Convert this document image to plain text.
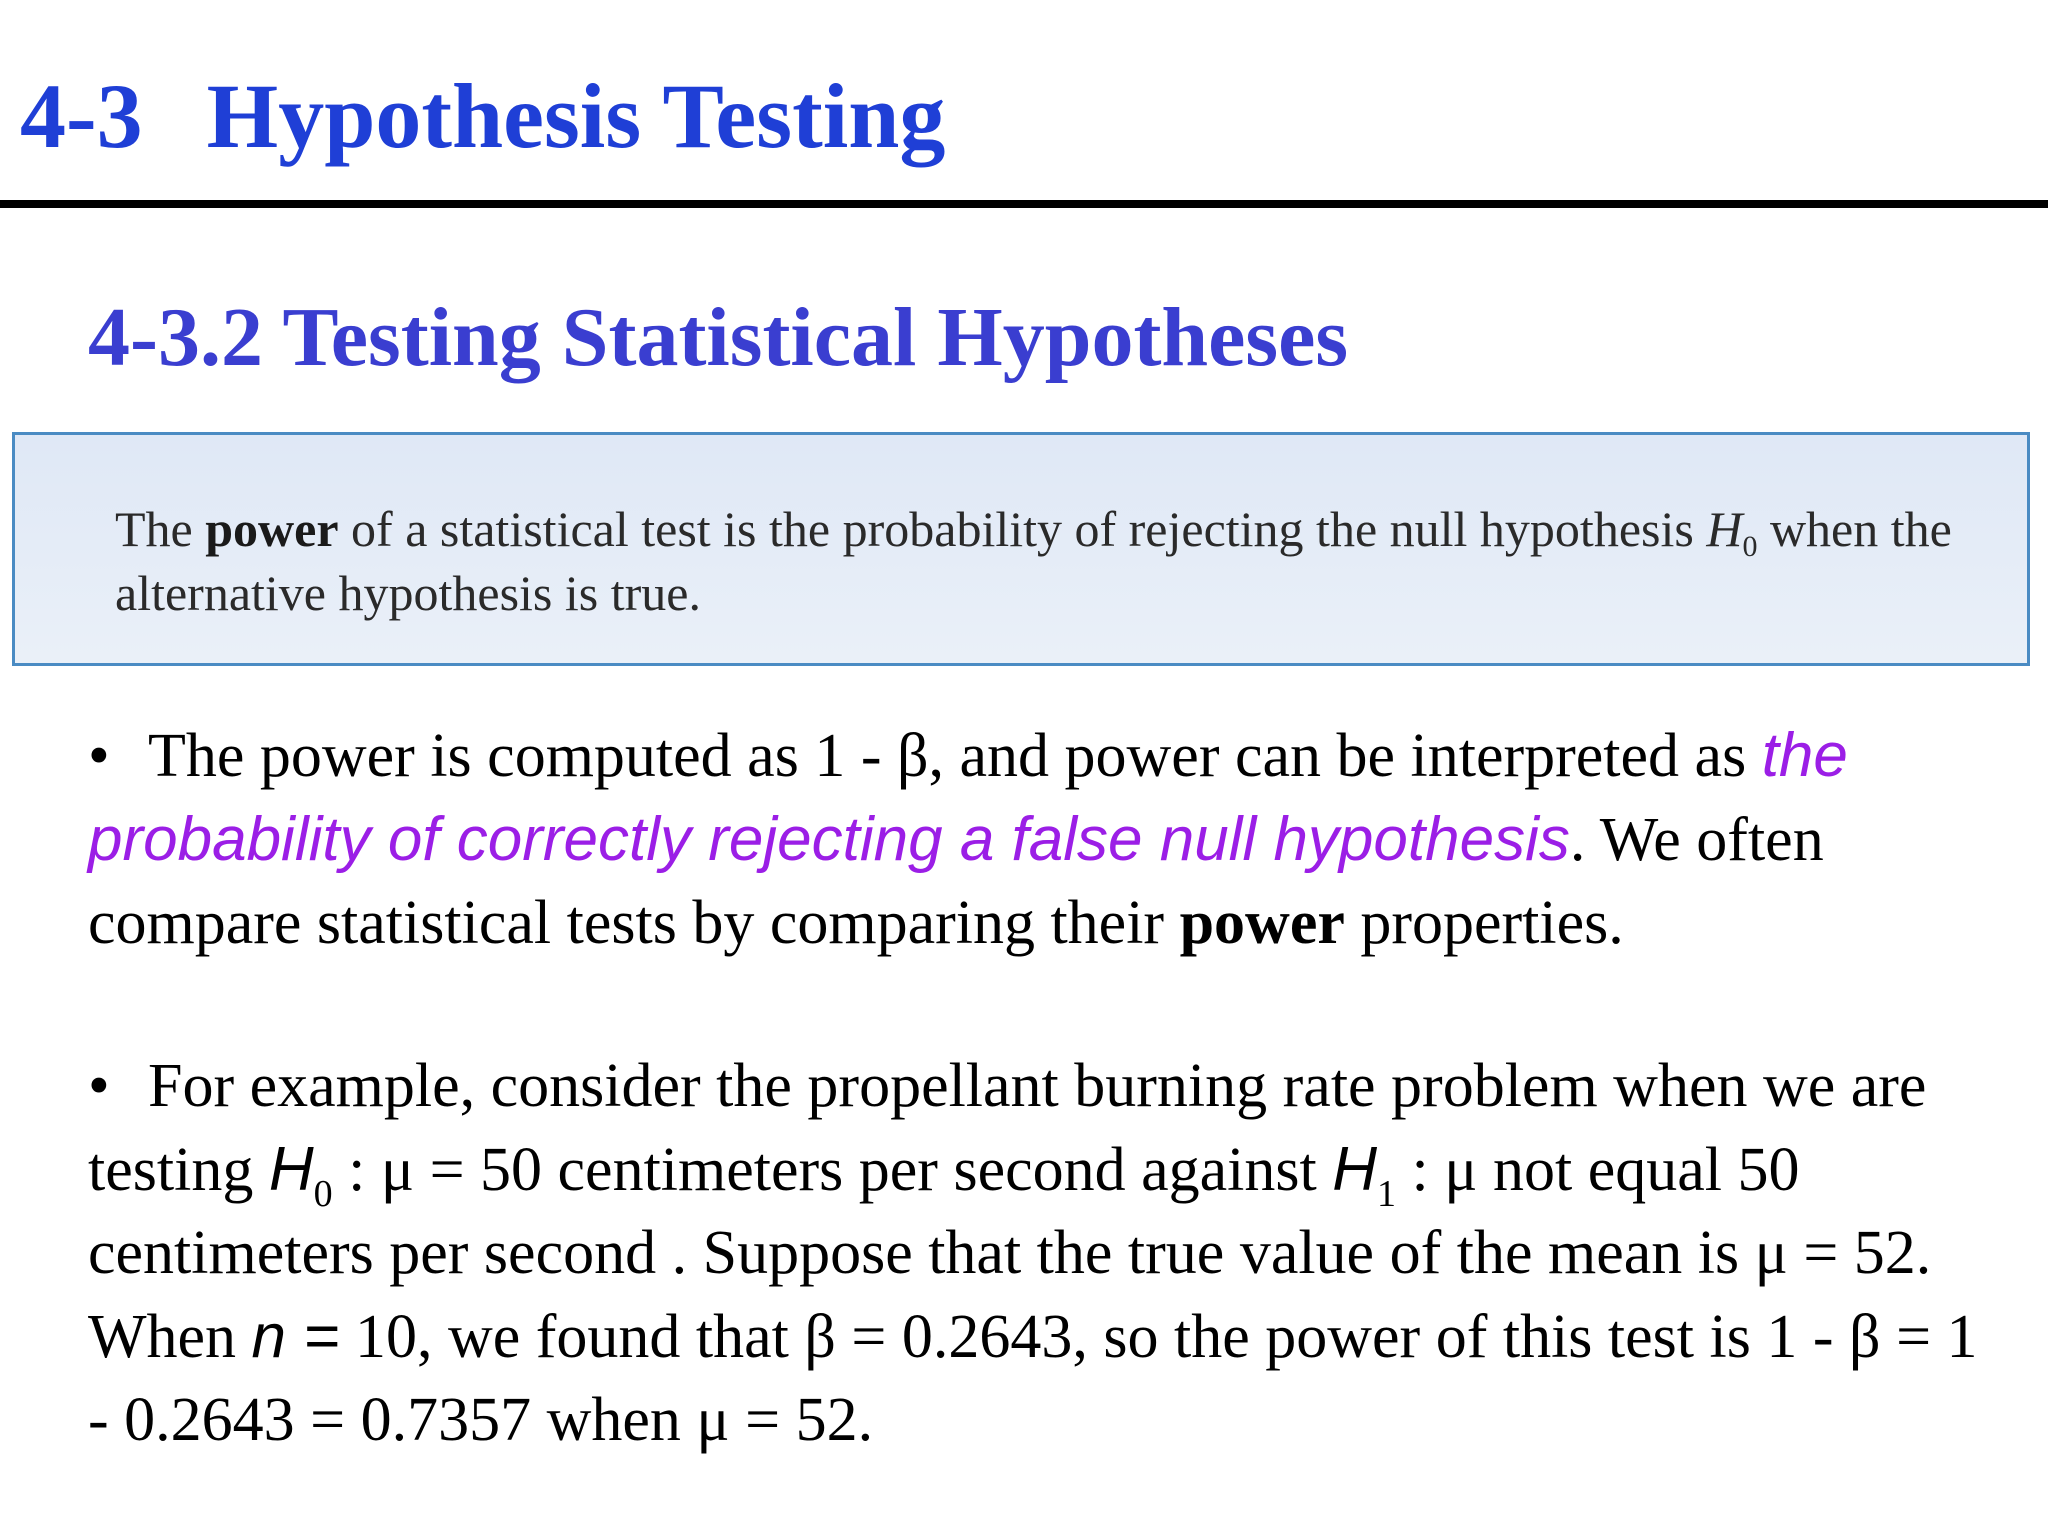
4-3 Hypothesis Testing
4-3.2 Testing Statistical Hypotheses
The power of a statistical test is the probability of rejecting the null hypothesis $H_0$ when the alternative hypothesis is true.
• The power is computed as 1 - β, and power can be interpreted as the probability of correctly rejecting a false null hypothesis. We often compare statistical tests by comparing their power properties.
• For example, consider the propellant burning rate problem when we are testing $H_0$ : μ = 50 centimeters per second against $H_1$ : μ not equal 50 centimeters per second . Suppose that the true value of the mean is μ = 52. When n = 10, we found that β = 0.2643, so the power of this test is 1 - β = 1 - 0.2643 = 0.7357 when μ = 52.
